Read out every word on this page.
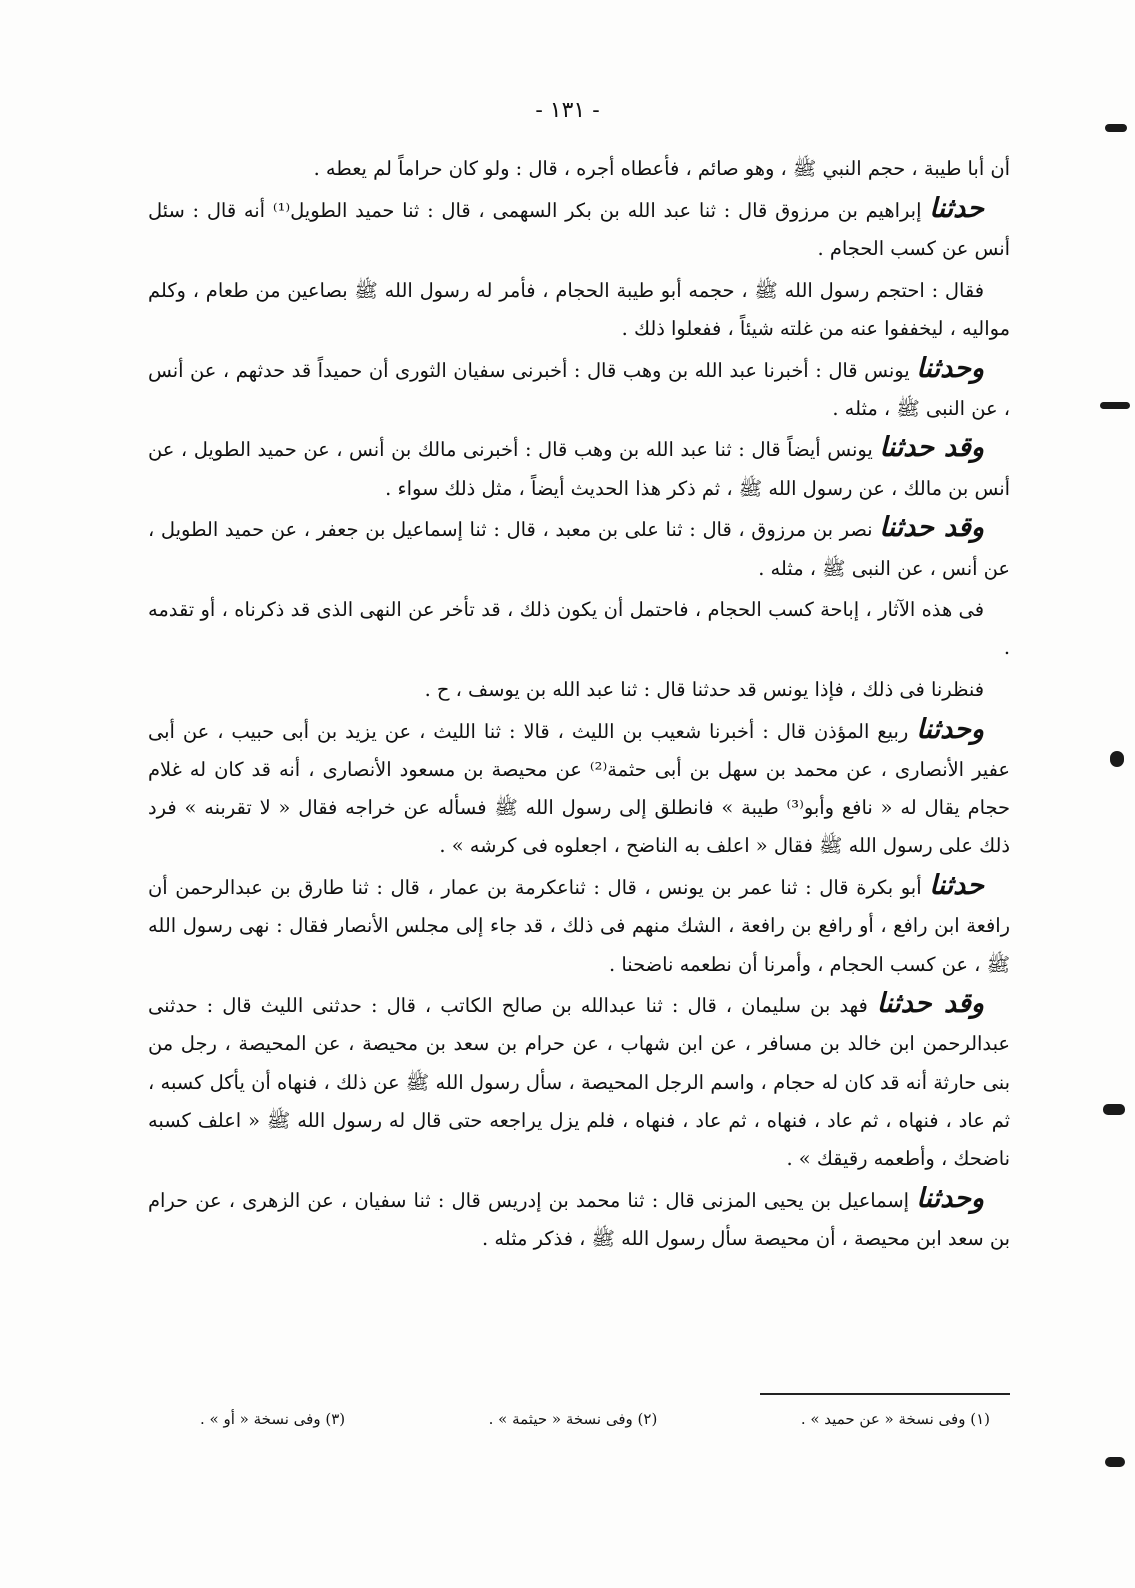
- ١٣١ -

أن أبا طيبة ، حجم النبي ﷺ ، وهو صائم ، فأعطاه أجره ، قال : ولو كان حراماً لم يعطه .

حدثنا إبراهيم بن مرزوق قال : ثنا عبد الله بن بكر السهمى ، قال : ثنا حميد الطويل⁽¹⁾ أنه قال : سئل أنس عن كسب الحجام .

فقال : احتجم رسول الله ﷺ ، حجمه أبو طيبة الحجام ، فأمر له رسول الله ﷺ بصاعين من طعام ، وكلم مواليه ، ليخففوا عنه من غلته شيئاً ، ففعلوا ذلك .

وحدثنا يونس قال : أخبرنا عبد الله بن وهب قال : أخبرنى سفيان الثورى أن حميداً قد حدثهم ، عن أنس ، عن النبى ﷺ ، مثله .

وقد حدثنا يونس أيضاً قال : ثنا عبد الله بن وهب قال : أخبرنى مالك بن أنس ، عن حميد الطويل ، عن أنس بن مالك ، عن رسول الله ﷺ ، ثم ذكر هذا الحديث أيضاً ، مثل ذلك سواء .

وقد حدثنا نصر بن مرزوق ، قال : ثنا على بن معبد ، قال : ثنا إسماعيل بن جعفر ، عن حميد الطويل ، عن أنس ، عن النبى ﷺ ، مثله .

فى هذه الآثار ، إباحة كسب الحجام ، فاحتمل أن يكون ذلك ، قد تأخر عن النهى الذى قد ذكرناه ، أو تقدمه .

فنظرنا فى ذلك ، فإذا يونس قد حدثنا قال : ثنا عبد الله بن يوسف ، ح .

وحدثنا ربيع المؤذن قال : أخبرنا شعيب بن الليث ، قالا : ثنا الليث ، عن يزيد بن أبى حبيب ، عن أبى عفير الأنصارى ، عن محمد بن سهل بن أبى حثمة⁽²⁾ عن محيصة بن مسعود الأنصارى ، أنه قد كان له غلام حجام يقال له « نافع وأبو⁽³⁾ طيبة » فانطلق إلى رسول الله ﷺ فسأله عن خراجه فقال « لا تقربنه » فرد ذلك على رسول الله ﷺ فقال « اعلف به الناضح ، اجعلوه فى كرشه » .

حدثنا أبو بكرة قال : ثنا عمر بن يونس ، قال : ثناعكرمة بن عمار ، قال : ثنا طارق بن عبدالرحمن أن رافعة ابن رافع ، أو رافع بن رافعة ، الشك منهم فى ذلك ، قد جاء إلى مجلس الأنصار فقال : نهى رسول الله ﷺ ، عن كسب الحجام ، وأمرنا أن نطعمه ناضحنا .

وقد حدثنا فهد بن سليمان ، قال : ثنا عبدالله بن صالح الكاتب ، قال : حدثنى الليث قال : حدثنى عبدالرحمن ابن خالد بن مسافر ، عن ابن شهاب ، عن حرام بن سعد بن محيصة ، عن المحيصة ، رجل من بنى حارثة أنه قد كان له حجام ، واسم الرجل المحيصة ، سأل رسول الله ﷺ عن ذلك ، فنهاه أن يأكل كسبه ، ثم عاد ، فنهاه ، ثم عاد ، فنهاه ، ثم عاد ، فنهاه ، فلم يزل يراجعه حتى قال له رسول الله ﷺ « اعلف كسبه ناضحك ، وأطعمه رقيقك » .

وحدثنا إسماعيل بن يحيى المزنى قال : ثنا محمد بن إدريس قال : ثنا سفيان ، عن الزهرى ، عن حرام بن سعد ابن محيصة ، أن محيصة سأل رسول الله ﷺ ، فذكر مثله .

(١) وفى نسخة « عن حميد » .
(٢) وفى نسخة « حيثمة » .
(٣) وفى نسخة « أو » .
